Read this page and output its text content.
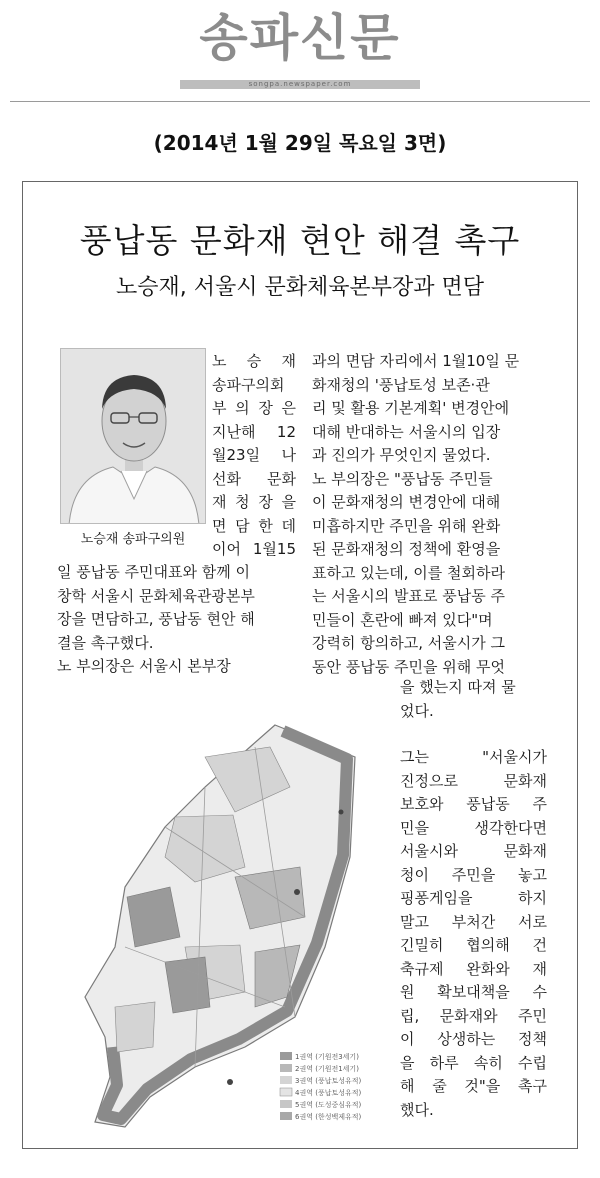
송파신문
songpa.newspaper.com
(2014년 1월 29일 목요일 3면)
풍납동 문화재 현안 해결 촉구
노승재, 서울시 문화체육본부장과 면담
노승재 송파구의원
노 승 재
송파구의회
부 의 장 은
지난해 12
월23일 나
선화 문화
재 청 장 을
면 담 한 데
이어 1월15
일 풍납동 주민대표와 함께 이
창학 서울시 문화체육관광본부
장을 면담하고, 풍납동 현안 해
결을 촉구했다.
노 부의장은 서울시 본부장
과의 면담 자리에서 1월10일 문
화재청의 '풍납토성 보존·관
리 및 활용 기본계획' 변경안에
대해 반대하는 서울시의 입장
과 진의가 무엇인지 물었다.
노 부의장은 "풍납동 주민들
이 문화재청의 변경안에 대해
미흡하지만 주민을 위해 완화
된 문화재청의 정책에 환영을
표하고 있는데, 이를 철회하라
는 서울시의 발표로 풍납동 주
민들이 혼란에 빠져 있다"며
강력히 항의하고, 서울시가 그
동안 풍납동 주민을 위해 무엇
을 했는지 따져 물
었다.
그는 "서울시가
진정으로 문화재
보호와 풍납동 주
민을 생각한다면
서울시와 문화재
청이 주민을 놓고
핑퐁게임을 하지
말고 부처간 서로
긴밀히 협의해 건
축규제 완화와 재
원 확보대책을 수
립, 문화재와 주민
이 상생하는 정책
을 하루 속히 수립
해 줄 것"을 촉구
했다.
1권역 (기원전3세기)
2권역 (기원전1세기)
3권역 (풍납토성유적)
4권역 (풍납토성유적)
5권역 (도성중심유적)
6권역 (한성백제유적)
